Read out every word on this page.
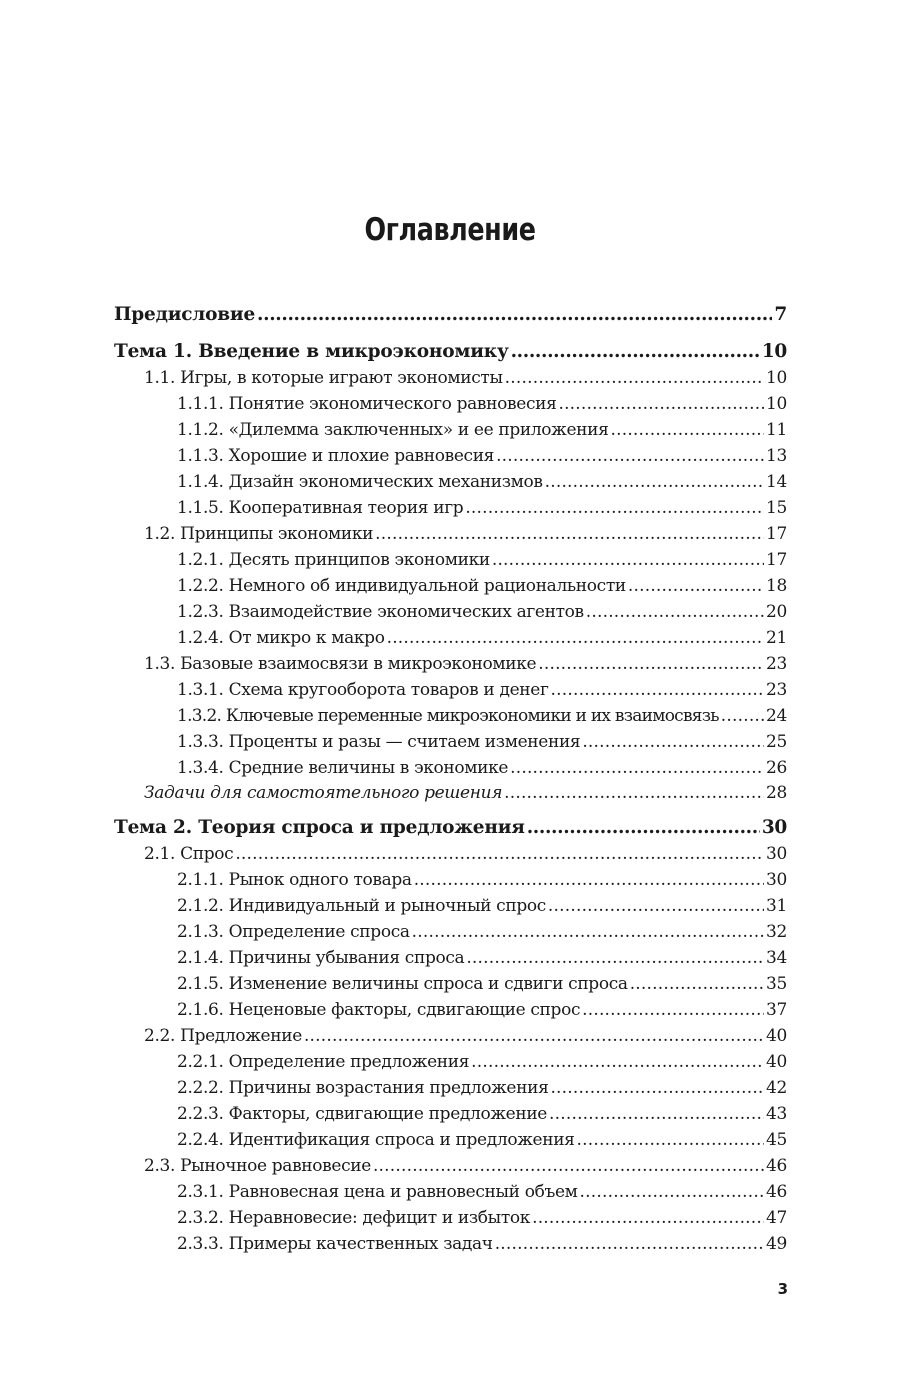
Оглавление
Предисловие . . .	7
Тема 1. Введение в микроэкономику . . .	10
1.1. Игры, в которые играют экономисты . . .	10
1.1.1. Понятие экономического равновесия . . .	10
1.1.2. «Дилемма заключенных» и ее приложения . . .	11
1.1.3. Хорошие и плохие равновесия . . .	13
1.1.4. Дизайн экономических механизмов . . .	14
1.1.5. Кооперативная теория игр . . .	15
1.2. Принципы экономики . . .	17
1.2.1. Десять принципов экономики . . .	17
1.2.2. Немного об индивидуальной рациональности . . .	18
1.2.3. Взаимодействие экономических агентов . . .	20
1.2.4. От микро к макро . . .	21
1.3. Базовые взаимосвязи в микроэкономике . . .	23
1.3.1. Схема кругооборота товаров и денег . . .	23
1.3.2. Ключевые переменные микроэкономики и их взаимосвязь . . .	24
1.3.3. Проценты и разы — считаем изменения . . .	25
1.3.4. Средние величины в экономике . . .	26
Задачи для самостоятельного решения . . .	28
Тема 2. Теория спроса и предложения . . .	30
2.1. Спрос . . .	30
2.1.1. Рынок одного товара . . .	30
2.1.2. Индивидуальный и рыночный спрос . . .	31
2.1.3. Определение спроса . . .	32
2.1.4. Причины убывания спроса . . .	34
2.1.5. Изменение величины спроса и сдвиги спроса . . .	35
2.1.6. Неценовые факторы, сдвигающие спрос . . .	37
2.2. Предложение . . .	40
2.2.1. Определение предложения . . .	40
2.2.2. Причины возрастания предложения . . .	42
2.2.3. Факторы, сдвигающие предложение . . .	43
2.2.4. Идентификация спроса и предложения . . .	45
2.3. Рыночное равновесие . . .	46
2.3.1. Равновесная цена и равновесный объем . . .	46
2.3.2. Неравновесие: дефицит и избыток . . .	47
2.3.3. Примеры качественных задач . . .	49
3
